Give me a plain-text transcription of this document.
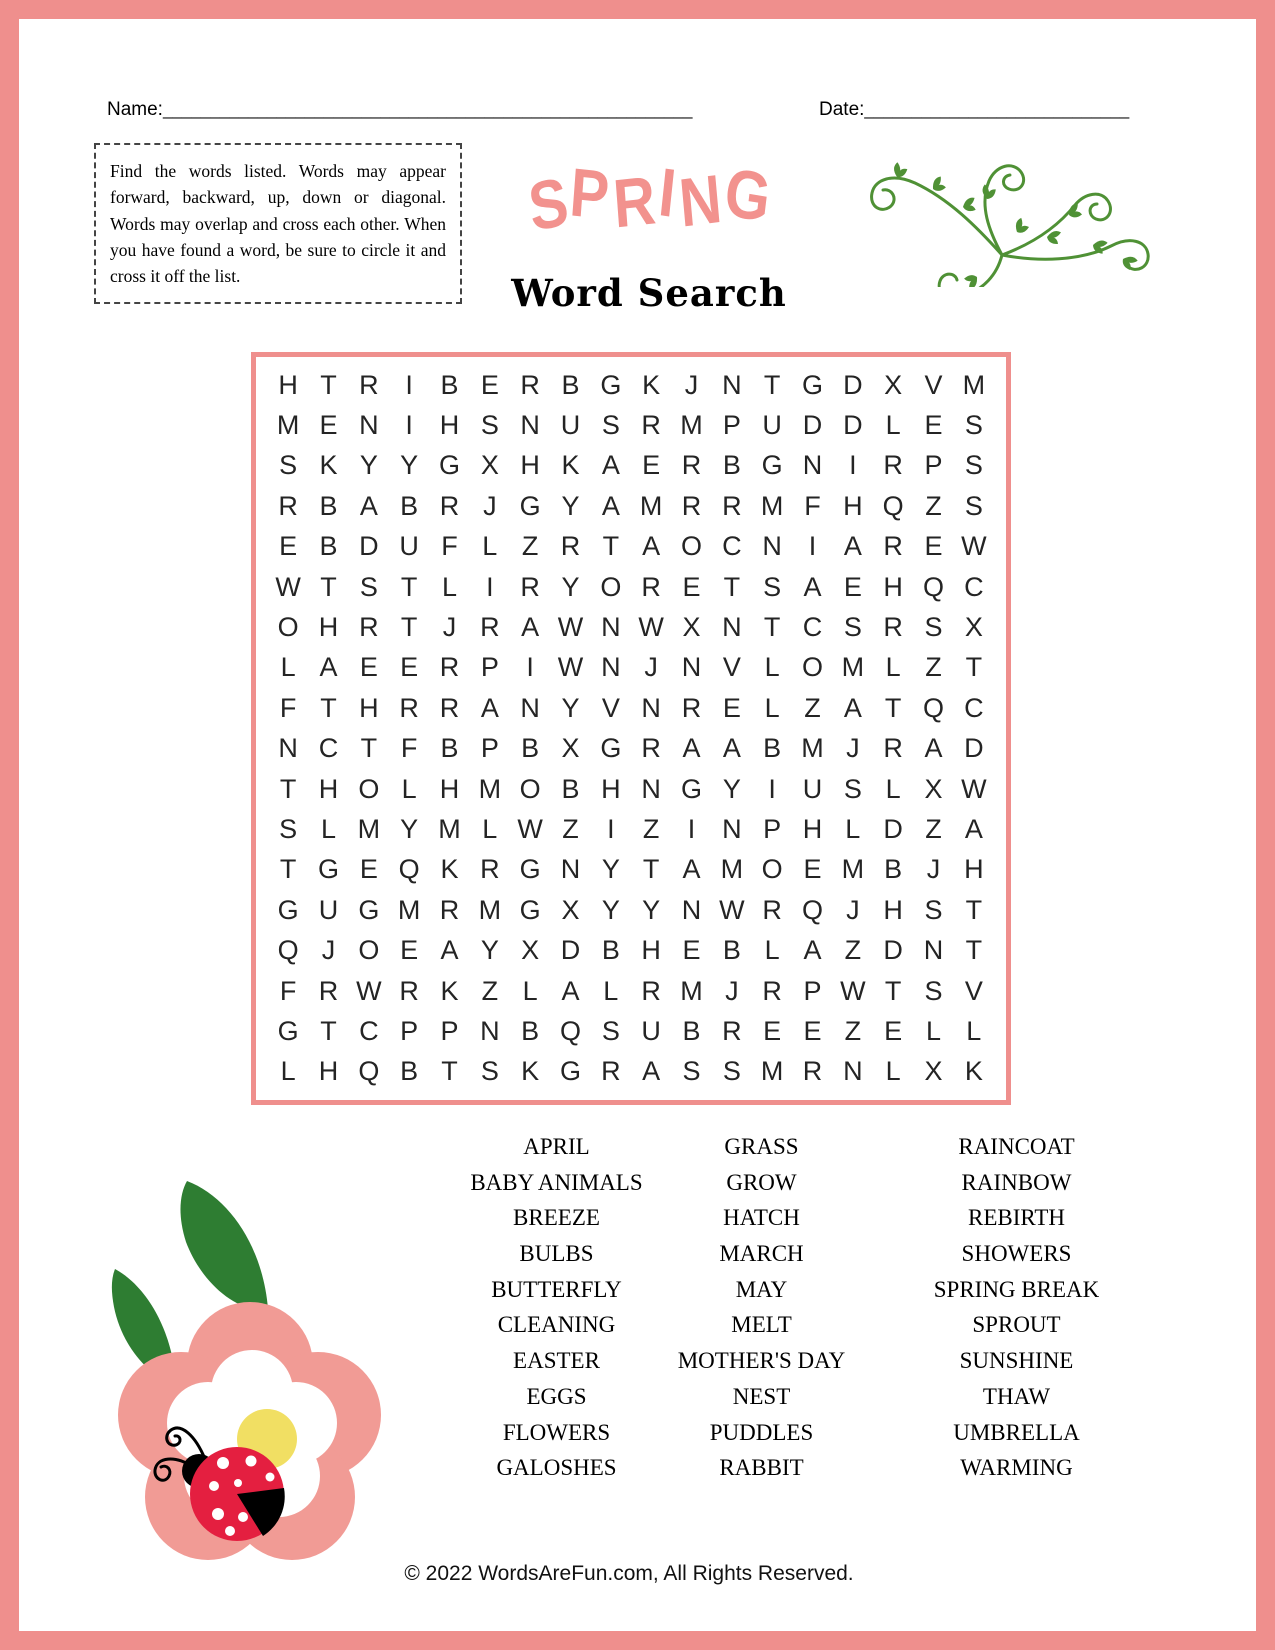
Name:________________________________________________________	Date:____________________________
Find the words listed. Words may appear forward, backward, up, down or diagonal. Words may overlap and cross each other. When you have found a word, be sure to circle it and cross it off the list.
SPRING
Word Search
H T R I	B E R B G K J N T G D X V M
M E N I H S N U S R M P U D D L E S
S K Y Y G X H K A E R B G N I R P S
R B A B R J G Y A M R R M F H Q Z S
E B D U F L Z R T A O C N I	A R E W
W T S T L	I R Y O R E T S A E H Q C
O H R T J R A W N W X N T C S R S X
L A E E R P	I W N J N V L O M L Z T
F T H R R A N Y V N R E L Z A T Q C
N C T F B P B X G R A A B M J R A D
T H O L H M O B H N G Y	I U S L X W
S L M Y M L W Z	I	Z	I N P H L D Z A
T G E Q K R G N Y T A M O E M B J H
G U G M R M G X Y Y N W R Q J H S T
Q J O E A Y X D B H E B L A Z D N T
F R W R K Z L A L R M J R P W T S V
G T C P P N B Q S U B R E E Z E L L
L H Q B T S K G R A S S M R N L X K
APRIL
BABY ANIMALS
BREEZE
BULBS
BUTTERFLY
CLEANING
EASTER
EGGS
FLOWERS
GALOSHES
GRASS
GROW
HATCH
MARCH
MAY
MELT
MOTHER'S DAY
NEST
PUDDLES
RABBIT
RAINCOAT
RAINBOW
REBIRTH
SHOWERS
SPRING BREAK
SPROUT
SUNSHINE
THAW
UMBRELLA
WARMING
© 2022 WordsAreFun.com, All Rights Reserved.
